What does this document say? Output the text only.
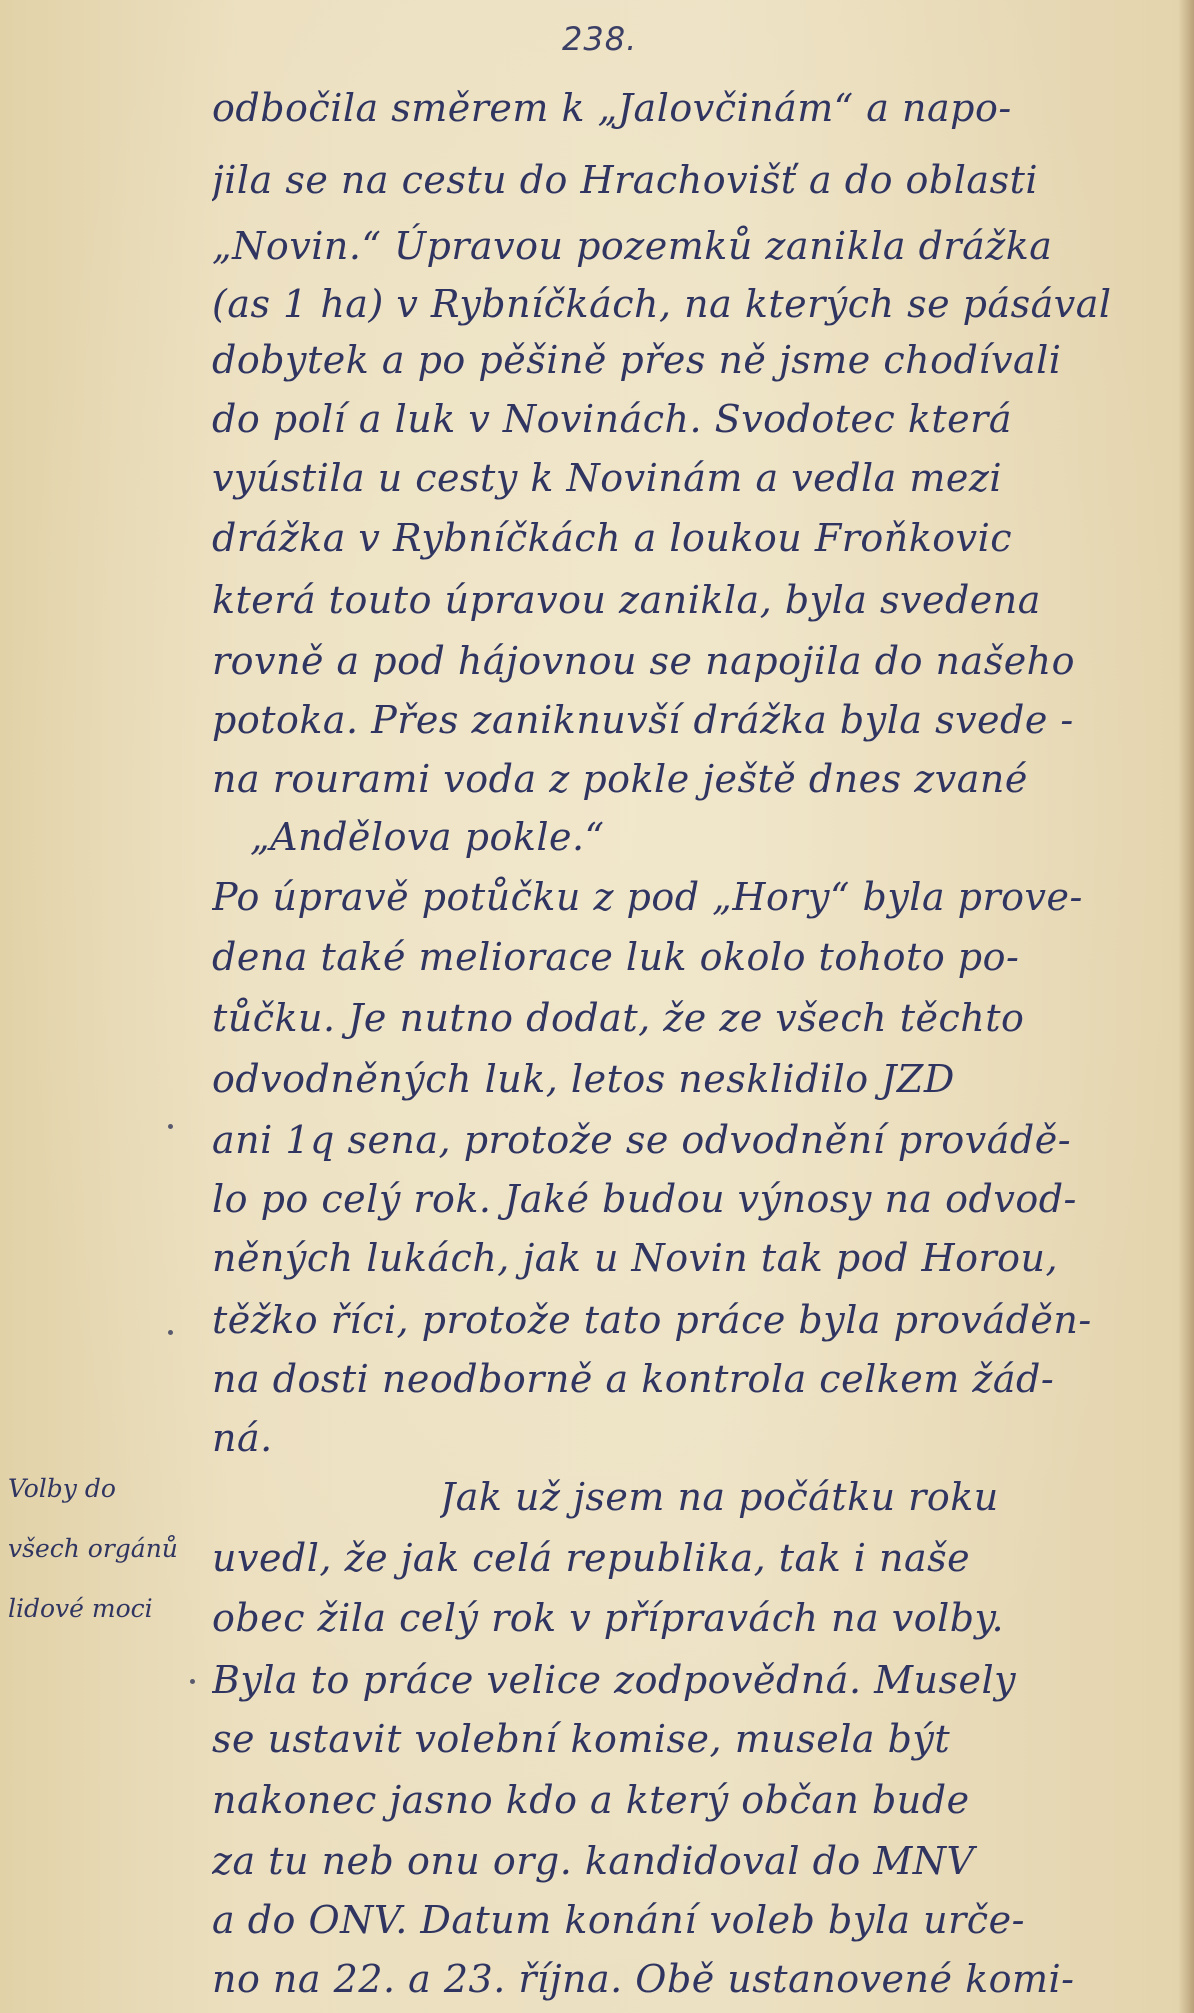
238.
odbočila směrem k „Jalovčinám“ a napo-
jila se na cestu do Hrachovišť a do oblasti
„Novin.“ Úpravou pozemků zanikla drážka
(as 1 ha) v Rybníčkách, na kterých se pásával
dobytek a po pěšině přes ně jsme chodívali
do polí a luk v Novinách. Svodotec která
vyústila u cesty k Novinám a vedla mezi
drážka v Rybníčkách a loukou Froňkovic
která touto úpravou zanikla, byla svedena
rovně a pod hájovnou se napojila do našeho
potoka. Přes zaniknuvší drážka byla svede -
na rourami voda z pokle ještě dnes zvané
„Andělova pokle.“
Po úpravě potůčku z pod „Hory“ byla prove-
dena také meliorace luk okolo tohoto po-
tůčku. Je nutno dodat, že ze všech těchto
odvodněných luk, letos nesklidilo JZD
ani 1q sena, protože se odvodnění provádě-
lo po celý rok. Jaké budou výnosy na odvod-
něných lukách, jak u Novin tak pod Horou,
těžko říci, protože tato práce byla prováděn-
na dosti neodborně a kontrola celkem žád-
ná.
Jak už jsem na počátku roku
uvedl, že jak celá republika, tak i naše
obec žila celý rok v přípravách na volby.
Byla to práce velice zodpovědná. Musely
se ustavit volební komise, musela být
nakonec jasno kdo a který občan bude
za tu neb onu org. kandidoval do MNV
a do ONV. Datum konání voleb byla urče-
no na 22. a 23. října. Obě ustanovené komi-
Volby do
všech orgánů
lidové moci
